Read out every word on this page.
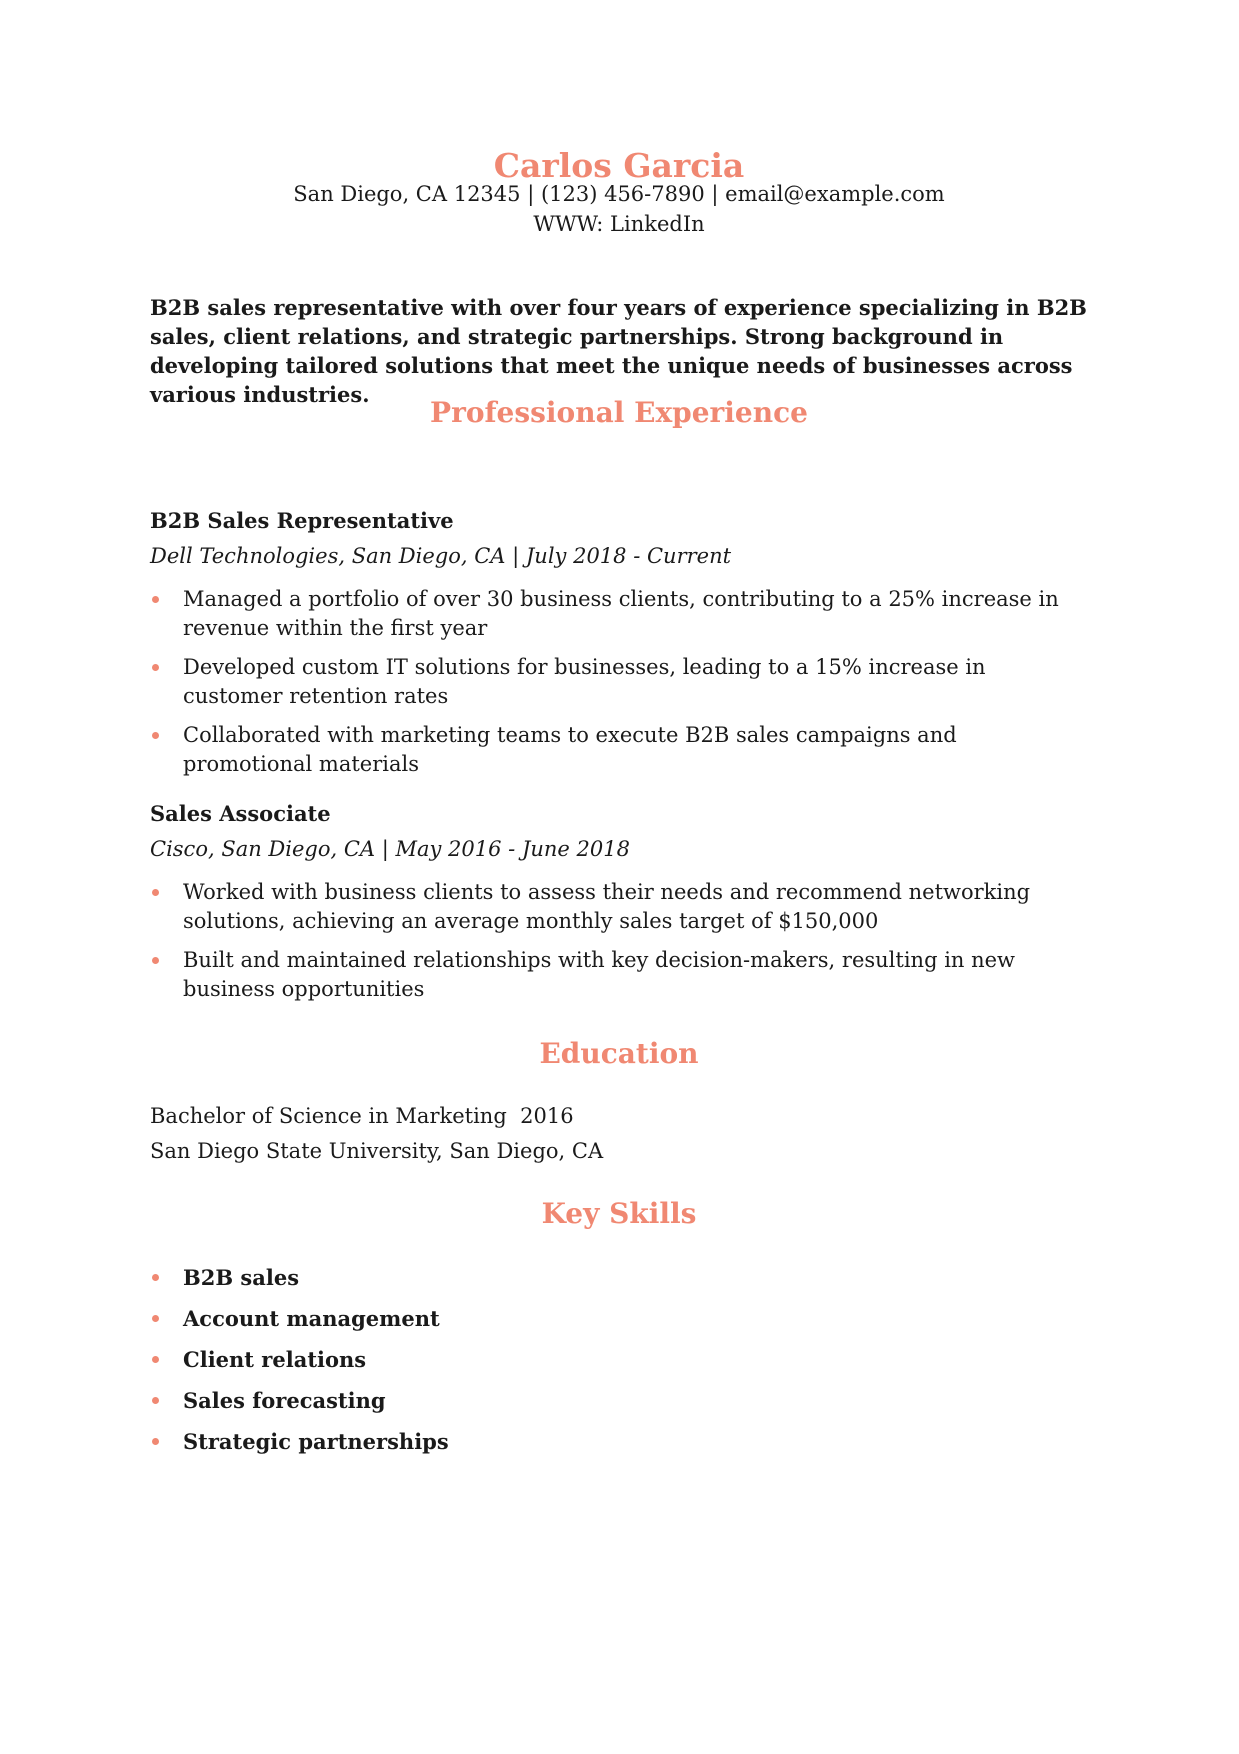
Carlos Garcia
San Diego, CA 12345 | (123) 456-7890 | email@example.com
WWW: LinkedIn

B2B sales representative with over four years of experience specializing in B2B sales, client relations, and strategic partnerships. Strong background in developing tailored solutions that meet the unique needs of businesses across various industries.

Professional Experience
B2B Sales Representative
Dell Technologies, San Diego, CA | July 2018 - Current
Managed a portfolio of over 30 business clients, contributing to a 25% increase in revenue within the first year
Developed custom IT solutions for businesses, leading to a 15% increase in customer retention rates
Collaborated with marketing teams to execute B2B sales campaigns and promotional materials
Sales Associate
Cisco, San Diego, CA | May 2016 - June 2018
Worked with business clients to assess their needs and recommend networking solutions, achieving an average monthly sales target of $150,000
Built and maintained relationships with key decision-makers, resulting in new business opportunities
Education
Bachelor of Science in Marketing 2016
San Diego State University, San Diego, CA
Key Skills
B2B sales
Account management
Client relations
Sales forecasting
Strategic partnerships
